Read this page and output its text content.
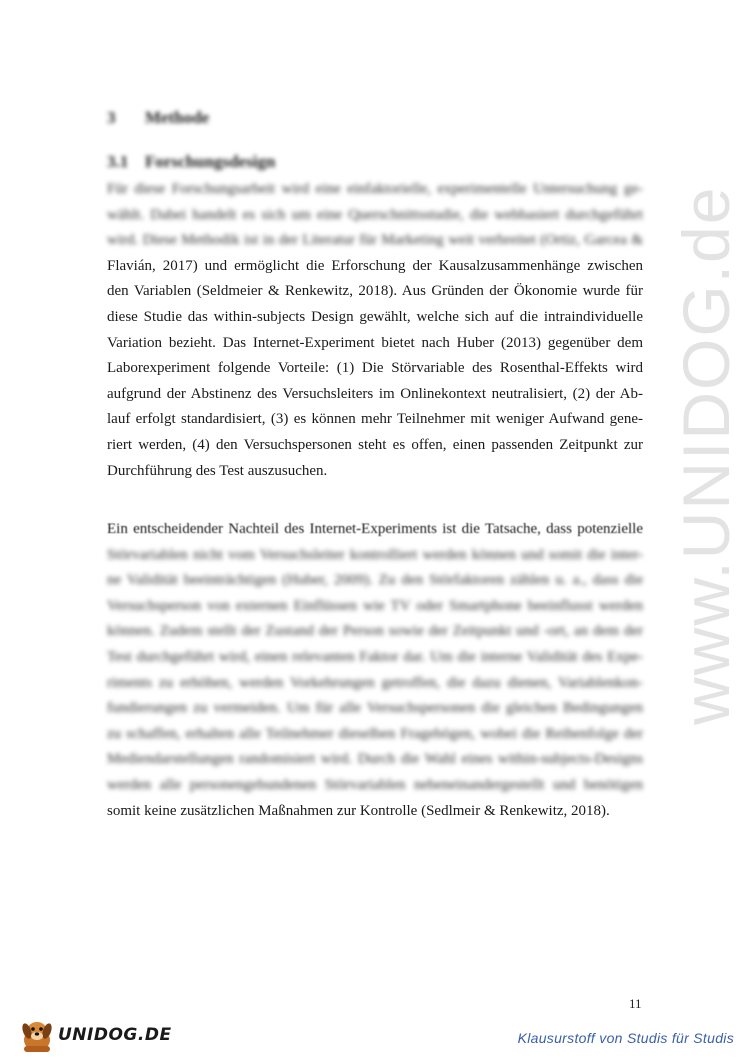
www.UNIDOG.de
3 Methode
3.1 Forschungsdesign
Für diese Forschungsarbeit wird eine einfaktorielle, experimentelle Untersuchung ge-
wählt. Dabei handelt es sich um eine Querschnittsstudie, die webbasiert durchgeführt
wird. Diese Methodik ist in der Literatur für Marketing weit verbreitet (Ortiz, Garcea &
Flavián, 2017) und ermöglicht die Erforschung der Kausalzusammenhänge zwischen
den Variablen (Seldmeier & Renkewitz, 2018). Aus Gründen der Ökonomie wurde für
diese Studie das within-subjects Design gewählt, welche sich auf die intraindividuelle
Variation bezieht. Das Internet-Experiment bietet nach Huber (2013) gegenüber dem
Laborexperiment folgende Vorteile: (1) Die Störvariable des Rosenthal-Effekts wird
aufgrund der Abstinenz des Versuchsleiters im Onlinekontext neutralisiert, (2) der Ab-
lauf erfolgt standardisiert, (3) es können mehr Teilnehmer mit weniger Aufwand gene-
riert werden, (4) den Versuchspersonen steht es offen, einen passenden Zeitpunkt zur
Durchführung des Test auszusuchen.
Ein entscheidender Nachteil des Internet-Experiments ist die Tatsache, dass potenzielle
Störvariablen nicht vom Versuchsleiter kontrolliert werden können und somit die inter-
ne Validität beeinträchtigen (Huber, 2009). Zu den Störfaktoren zählen u. a., dass die
Versuchsperson von externen Einflüssen wie TV oder Smartphone beeinflusst werden
können. Zudem stellt der Zustand der Person sowie der Zeitpunkt und -ort, an dem der
Test durchgeführt wird, einen relevanten Faktor dar. Um die interne Validität des Expe-
riments zu erhöhen, werden Vorkehrungen getroffen, die dazu dienen, Variablenkon-
fundierungen zu vermeiden. Um für alle Versuchspersonen die gleichen Bedingungen
zu schaffen, erhalten alle Teilnehmer dieselben Fragebögen, wobei die Reihenfolge der
Mediendarstellungen randomisiert wird. Durch die Wahl eines within-subjects-Designs
werden alle personengebundenen Störvariablen nebeneinandergestellt und benötigen
somit keine zusätzlichen Maßnahmen zur Kontrolle (Sedlmeir & Renkewitz, 2018).
11
UNIDOG.DE	Klausurstoff von Studis für Studis
